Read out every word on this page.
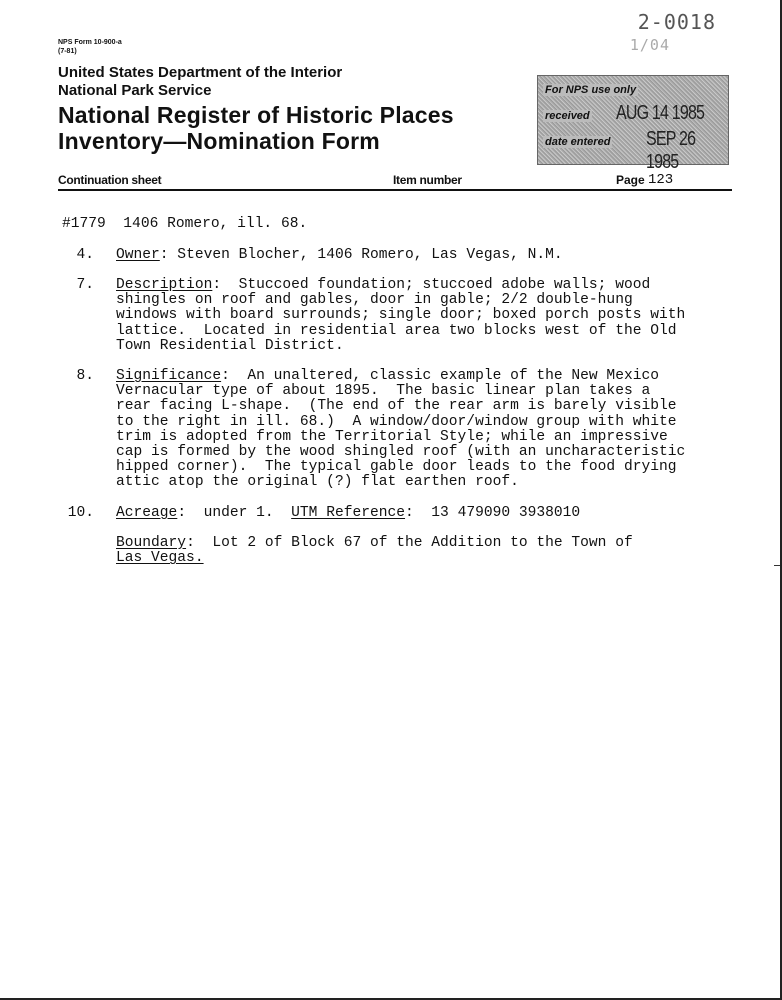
NPS Form 10-900-a
(7-81)
2-0018
1/04
United States Department of the Interior
National Park Service
National Register of Historic Places
Inventory—Nomination Form
For NPS use only
received AUG 14 1985
date entered SEP 26 1985
Continuation sheet	Item number	Page 123
#1779  1406 Romero, ill. 68.
4. Owner: Steven Blocher, 1406 Romero, Las Vegas, N.M.
7. Description:  Stuccoed foundation; stuccoed adobe walls; wood
shingles on roof and gables, door in gable; 2/2 double-hung
windows with board surrounds; single door; boxed porch posts with
lattice.  Located in residential area two blocks west of the Old
Town Residential District.
8. Significance:  An unaltered, classic example of the New Mexico
Vernacular type of about 1895.  The basic linear plan takes a
rear facing L-shape.  (The end of the rear arm is barely visible
to the right in ill. 68.)  A window/door/window group with white
trim is adopted from the Territorial Style; while an impressive
cap is formed by the wood shingled roof (with an uncharacteristic
hipped corner).  The typical gable door leads to the food drying
attic atop the original (?) flat earthen roof.
10. Acreage:  under 1.  UTM Reference:  13 479090 3938010
Boundary:  Lot 2 of Block 67 of the Addition to the Town of
Las Vegas.
